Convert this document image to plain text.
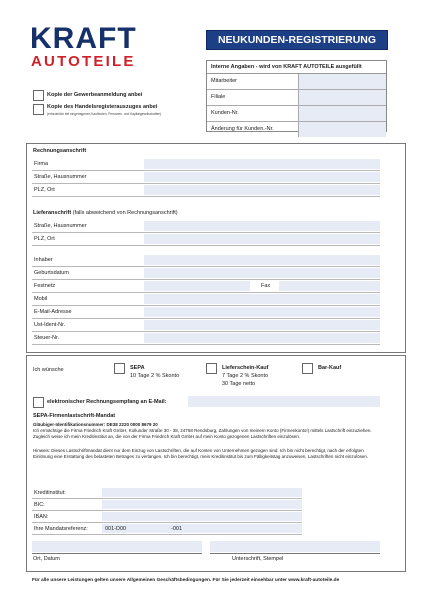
KRAFT
AUTOTEILE
NEUKUNDEN-REGISTRIERUNG
Interne Angaben - wird von KRAFT AUTOTEILE ausgefüllt
Mitarbeiter
Filiale
Kunden-Nr.
Änderung für Kunden.-Nr.
Kopie der Gewerbeanmeldung anbei
Kopie des Handelsregisterauszuges anbei
(erforderlich bei eingetragenen Kaufleuten, Personen- und Kapitalgesellschaften)
Rechnungsanschrift
Firma
Straße, Hausnummer
PLZ, Ort
Lieferanschrift (falls abweichend von Rechnungsanschrift)
Straße, Hausnummer
PLZ, Ort
Inhaber
Geburtsdatum
Festnetz	Fax
Mobil
E-Mail-Adresse
Ust-Ident-Nr.
Steuer-Nr.
Ich wünsche	SEPA
10 Tage 2 % Skonto
Lieferschein-Kauf
7 Tage 2 % Skonto
30 Tage netto
Bar-Kauf
elektronischer Rechnungsempfang an E-Mail:
SEPA-Firmenlastschrift-Mandat
Gläubiger-Identifikationsnummer: DE38 2220 0000 8679 20
Ich ermächtige die Firma Friedrich Kraft GmbH, Kollunder Straße 30 - 38, 24768 Rendsburg, Zahlungen von meinem Konto (Firmenkonto!) mittels Lastschrift einzuziehen. Zugleich weise ich mein Kreditinstitut an, die von der Firma Friedrich Kraft GmbH auf mein Konto gezogenen Lastschriften einzulösen.
Hinweis: Dieses Lastschriftmandat dient nur dem Einzug von Lastschriften, die auf Konten von Unternehmen gezogen sind. Ich bin nicht berechtigt, nach der erfolgten Einlösung eine Erstattung des belasteten Betrages zu verlangen. Ich bin berechtigt, mein Kreditinstitut bis zum Fälligkeitstag anzuweisen, Lastschriften nicht einzulösen.
Kreditinstitut:
BIC:
IBAN:
Ihre Mandatsreferenz:	001-D00	-001
Ort, Datum	Unterschrift, Stempel
Für alle unsere Leistungen gelten unsere Allgemeinen Geschäftsbedingungen. Für Sie jederzeit einsehbar unter www.kraft-autoteile.de
